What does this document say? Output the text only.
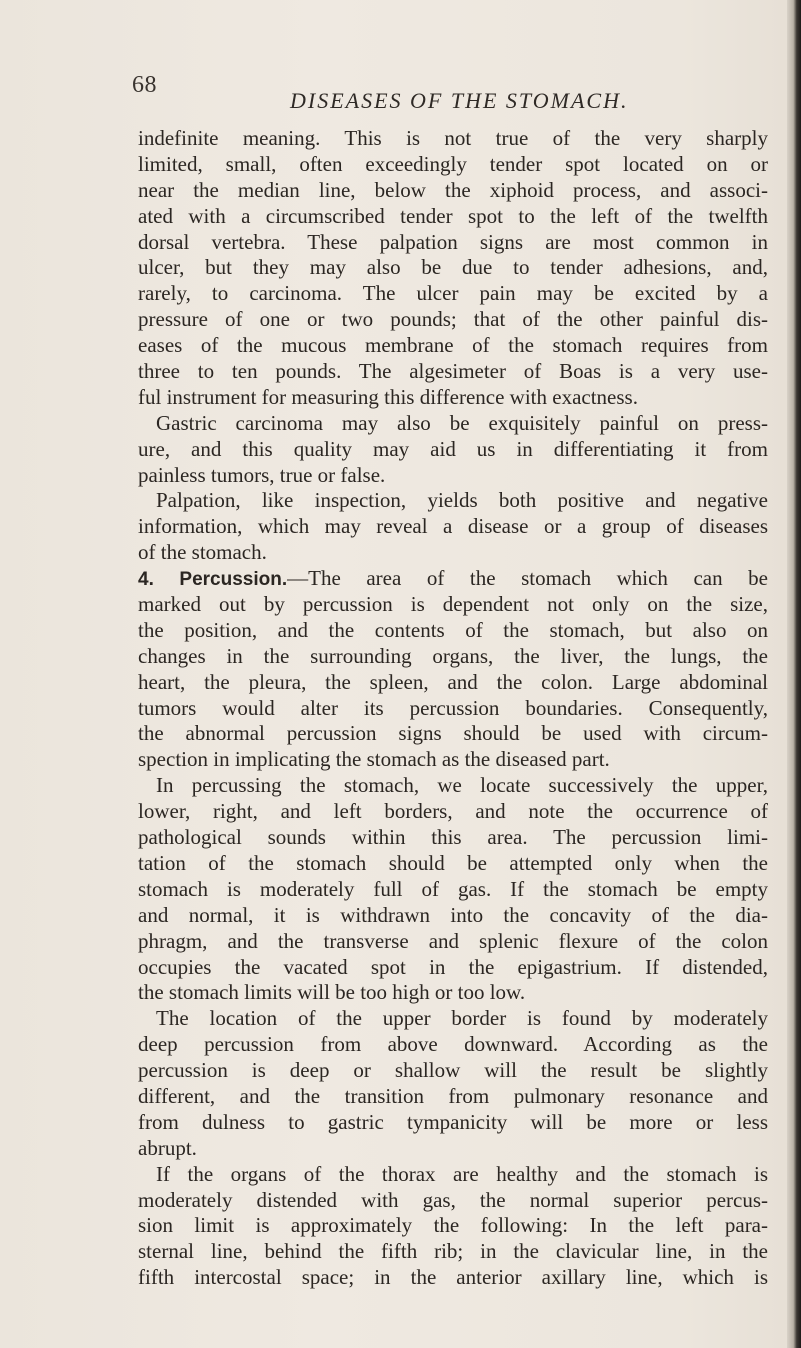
68
DISEASES OF THE STOMACH.
indefinite meaning. This is not true of the very sharply
limited, small, often exceedingly tender spot located on or
near the median line, below the xiphoid process, and associ-
ated with a circumscribed tender spot to the left of the twelfth
dorsal vertebra. These palpation signs are most common in
ulcer, but they may also be due to tender adhesions, and,
rarely, to carcinoma. The ulcer pain may be excited by a
pressure of one or two pounds; that of the other painful dis-
eases of the mucous membrane of the stomach requires from
three to ten pounds. The algesimeter of Boas is a very use-
ful instrument for measuring this difference with exactness.
Gastric carcinoma may also be exquisitely painful on press-
ure, and this quality may aid us in differentiating it from
painless tumors, true or false.
Palpation, like inspection, yields both positive and negative
information, which may reveal a disease or a group of diseases
of the stomach.
4. Percussion.—The area of the stomach which can be
marked out by percussion is dependent not only on the size,
the position, and the contents of the stomach, but also on
changes in the surrounding organs, the liver, the lungs, the
heart, the pleura, the spleen, and the colon. Large abdominal
tumors would alter its percussion boundaries. Consequently,
the abnormal percussion signs should be used with circum-
spection in implicating the stomach as the diseased part.
In percussing the stomach, we locate successively the upper,
lower, right, and left borders, and note the occurrence of
pathological sounds within this area. The percussion limi-
tation of the stomach should be attempted only when the
stomach is moderately full of gas. If the stomach be empty
and normal, it is withdrawn into the concavity of the dia-
phragm, and the transverse and splenic flexure of the colon
occupies the vacated spot in the epigastrium. If distended,
the stomach limits will be too high or too low.
The location of the upper border is found by moderately
deep percussion from above downward. According as the
percussion is deep or shallow will the result be slightly
different, and the transition from pulmonary resonance and
from dulness to gastric tympanicity will be more or less
abrupt.
If the organs of the thorax are healthy and the stomach is
moderately distended with gas, the normal superior percus-
sion limit is approximately the following: In the left para-
sternal line, behind the fifth rib; in the clavicular line, in the
fifth intercostal space; in the anterior axillary line, which is
